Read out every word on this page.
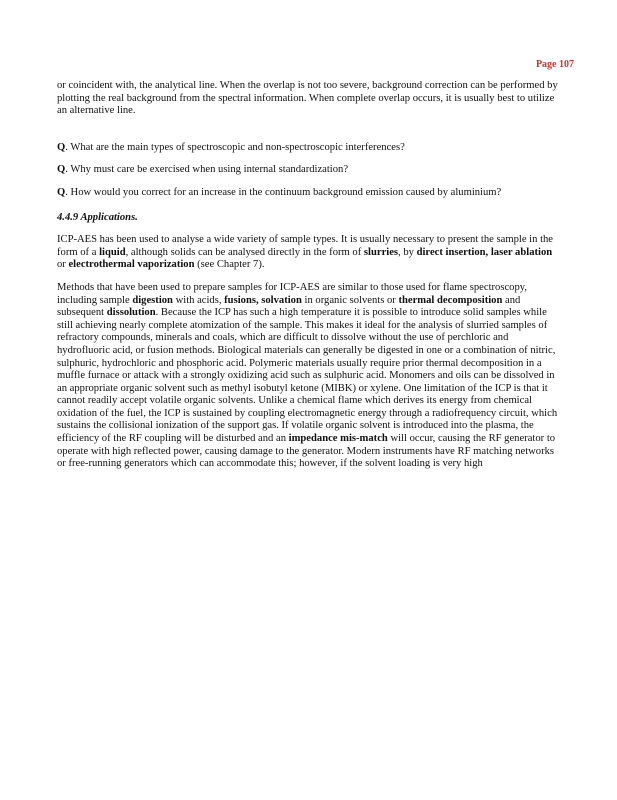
Page 107

or coincident with, the analytical line. When the overlap is not too severe, background correction can be performed by plotting the real background from the spectral information. When complete overlap occurs, it is usually best to utilize an alternative line.

Q. What are the main types of spectroscopic and non-spectroscopic interferences?

Q. Why must care be exercised when using internal standardization?

Q. How would you correct for an increase in the continuum background emission caused by aluminium?

4.4.9 Applications.

ICP-AES has been used to analyse a wide variety of sample types. It is usually necessary to present the sample in the form of a liquid, although solids can be analysed directly in the form of slurries, by direct insertion, laser ablation or electrothermal vaporization (see Chapter 7).

Methods that have been used to prepare samples for ICP-AES are similar to those used for flame spectroscopy, including sample digestion with acids, fusions, solvation in organic solvents or thermal decomposition and subsequent dissolution. Because the ICP has such a high temperature it is possible to introduce solid samples while still achieving nearly complete atomization of the sample. This makes it ideal for the analysis of slurried samples of refractory compounds, minerals and coals, which are difficult to dissolve without the use of perchloric and hydrofluoric acid, or fusion methods. Biological materials can generally be digested in one or a combination of nitric, sulphuric, hydrochloric and phosphoric acid. Polymeric materials usually require prior thermal decomposition in a muffle furnace or attack with a strongly oxidizing acid such as sulphuric acid. Monomers and oils can be dissolved in an appropriate organic solvent such as methyl isobutyl ketone (MIBK) or xylene. One limitation of the ICP is that it cannot readily accept volatile organic solvents. Unlike a chemical flame which derives its energy from chemical oxidation of the fuel, the ICP is sustained by coupling electromagnetic energy through a radiofrequency circuit, which sustains the collisional ionization of the support gas. If volatile organic solvent is introduced into the plasma, the efficiency of the RF coupling will be disturbed and an impedance mis-match will occur, causing the RF generator to operate with high reflected power, causing damage to the generator. Modern instruments have RF matching networks or free-running generators which can accommodate this; however, if the solvent loading is very high
